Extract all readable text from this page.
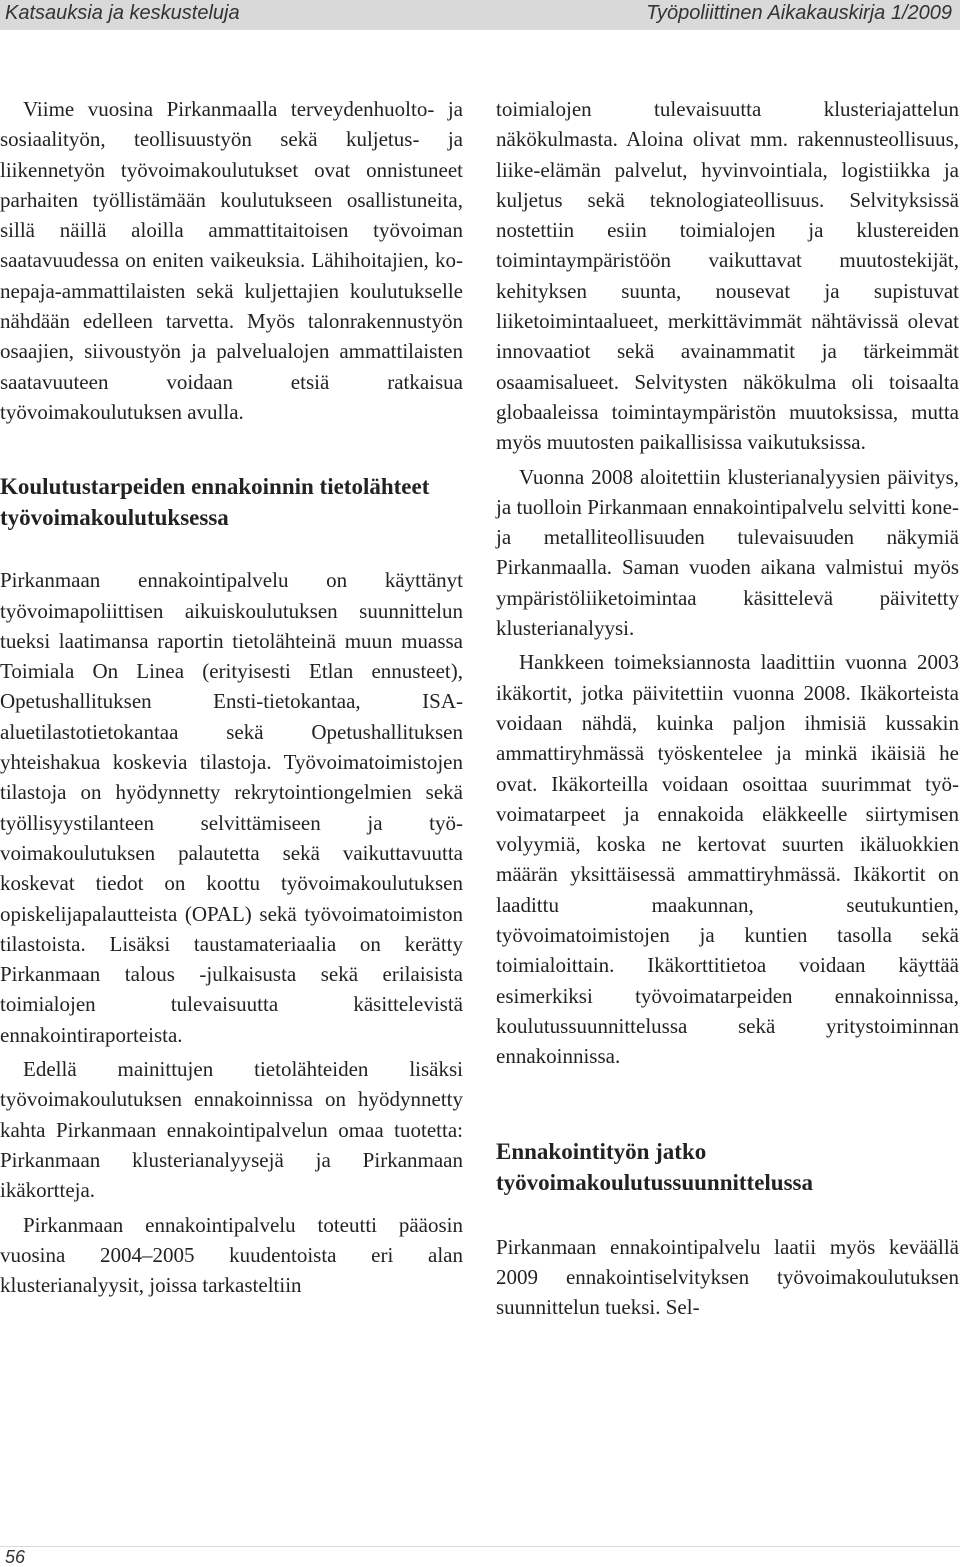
Katsauksia ja keskusteluja	Työpoliittinen Aikakauskirja 1/2009

Viime vuosina Pirkanmaalla terveydenhuolto- ja sosiaalityön, teollisuustyön sekä kuljetus- ja liikennetyön työvoimakoulutukset ovat onnistuneet parhaiten työllistämään koulutukseen osallistuneita, sillä näillä aloilla ammattitaitoisen työvoiman saatavuudessa on eniten vaikeuksia. Lähihoitajien, konepaja-ammattilaisten sekä kuljettajien koulutukselle nähdään edelleen tarvetta. Myös talonrakennustyön osaajien, siivoustyön ja palvelualojen ammattilaisten saatavuuteen voidaan etsiä ratkaisua työvoimakoulutuksen avulla.

Koulutustarpeiden ennakoinnin tietolähteet työvoimakoulutuksessa

Pirkanmaan ennakointipalvelu on käyttänyt työvoimapoliittisen aikuiskoulutuksen suunnittelun tueksi laatimansa raportin tietolähteinä muun muassa Toimiala On Linea (erityisesti Etlan ennusteet), Opetushallituksen Ensti-tietokantaa, ISA-aluetilastotietokantaa sekä Opetushallituksen yhteishakua koskevia tilastoja. Työvoimatoimistojen tilastoja on hyödynnetty rekrytointiongelmien sekä työllisyystilanteen selvittämiseen ja työvoimakoulutuksen palautetta sekä vaikuttavuutta koskevat tiedot on koottu työvoimakoulutuksen opiskelijapalautteista (OPAL) sekä työvoimatoimiston tilastoista. Lisäksi taustamateriaalia on kerätty Pirkanmaan talous -julkaisusta sekä erilaisista toimialojen tulevaisuutta käsittelevistä ennakointiraporteista.

Edellä mainittujen tietolähteiden lisäksi työvoimakoulutuksen ennakoinnissa on hyödynnetty kahta Pirkanmaan ennakointipalvelun omaa tuotetta: Pirkanmaan klusterianalyysejä ja Pirkanmaan ikäkortteja.

Pirkanmaan ennakointipalvelu toteutti pääosin vuosina 2004–2005 kuudentoista eri alan klusterianalyysit, joissa tarkasteltiin

toimialojen tulevaisuutta klusteriajattelun näkökulmasta. Aloina olivat mm. rakennusteollisuus, liike-elämän palvelut, hyvinvointiala, logistiikka ja kuljetus sekä teknologiateollisuus. Selvityksissä nostettiin esiin toimialojen ja klustereiden toimintaympäristöön vaikuttavat muutostekijät, kehityksen suunta, nousevat ja supistuvat liiketoimintaalueet, merkittävimmät nähtävissä olevat innovaatiot sekä avainammatit ja tärkeimmät osaamisalueet. Selvitysten näkökulma oli toisaalta globaaleissa toimintaympäristön muutoksissa, mutta myös muutosten paikallisissa vaikutuksissa.

Vuonna 2008 aloitettiin klusterianalyysien päivitys, ja tuolloin Pirkanmaan ennakointipalvelu selvitti kone- ja metalliteollisuuden tulevaisuuden näkymiä Pirkanmaalla. Saman vuoden aikana valmistui myös ympäristöliiketoimintaa käsittelevä päivitetty klusterianalyysi.

Hankkeen toimeksiannosta laadittiin vuonna 2003 ikäkortit, jotka päivitettiin vuonna 2008. Ikäkorteista voidaan nähdä, kuinka paljon ihmisiä kussakin ammattiryhmässä työskentelee ja minkä ikäisiä he ovat. Ikäkorteilla voidaan osoittaa suurimmat työvoimatarpeet ja ennakoida eläkkeelle siirtymisen volyymiä, koska ne kertovat suurten ikäluokkien määrän yksittäisessä ammattiryhmässä. Ikäkortit on laadittu maakunnan, seutukuntien, työvoimatoimistojen ja kuntien tasolla sekä toimialoittain. Ikäkorttitietoa voidaan käyttää esimerkiksi työvoimatarpeiden ennakoinnissa, koulutussuunnittelussa sekä yritystoiminnan ennakoinnissa.

Ennakointityön jatko työvoimakoulutussuunnittelussa

Pirkanmaan ennakointipalvelu laatii myös keväällä 2009 ennakointiselvityksen työvoimakoulutuksen suunnittelun tueksi. Sel-

56
